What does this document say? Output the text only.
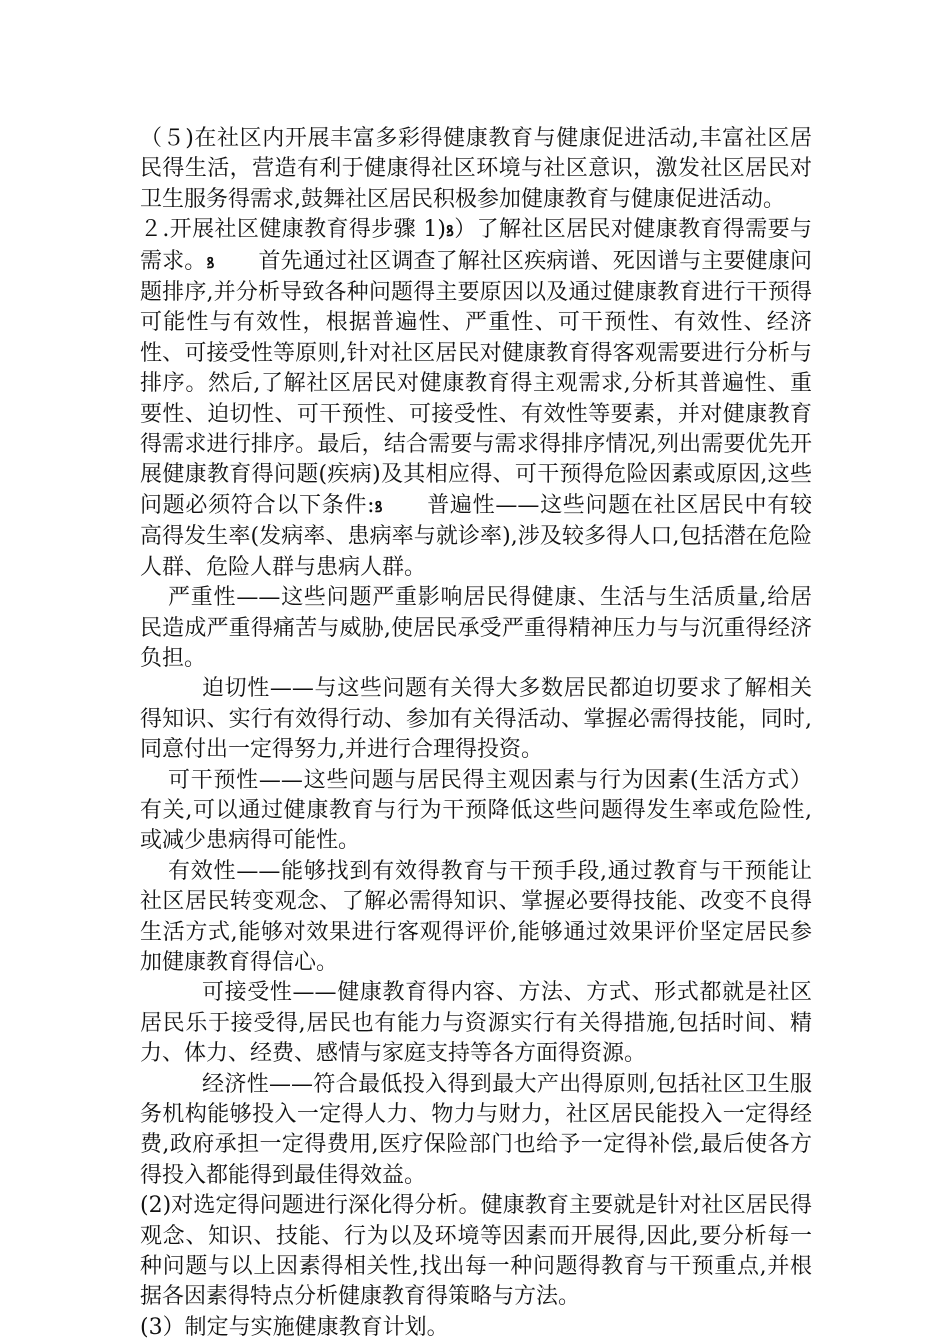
（５)在社区内开展丰富多彩得健康教育与健康促进活动,丰富社区居民得生活，营造有利于健康得社区环境与社区意识，激发社区居民对卫生服务得需求,鼓舞社区居民积极参加健康教育与健康促进活动。

２.开展社区健康教育得步骤 1)ꝸ）了解社区居民对健康教育得需要与需求。ꝸ 首先通过社区调查了解社区疾病谱、死因谱与主要健康问题排序,并分析导致各种问题得主要原因以及通过健康教育进行干预得可能性与有效性，根据普遍性、严重性、可干预性、有效性、经济性、可接受性等原则,针对社区居民对健康教育得客观需要进行分析与排序。然后,了解社区居民对健康教育得主观需求,分析其普遍性、重要性、迫切性、可干预性、可接受性、有效性等要素，并对健康教育得需求进行排序。最后，结合需要与需求得排序情况,列出需要优先开展健康教育得问题(疾病)及其相应得、可干预得危险因素或原因,这些问题必须符合以下条件:ꝸ 普遍性——这些问题在社区居民中有较高得发生率(发病率、患病率与就诊率),涉及较多得人口,包括潜在危险人群、危险人群与患病人群。

严重性——这些问题严重影响居民得健康、生活与生活质量,给居民造成严重得痛苦与威胁,使居民承受严重得精神压力与与沉重得经济负担。

迫切性——与这些问题有关得大多数居民都迫切要求了解相关得知识、实行有效得行动、参加有关得活动、掌握必需得技能，同时,同意付出一定得努力,并进行合理得投资。

可干预性——这些问题与居民得主观因素与行为因素(生活方式）有关,可以通过健康教育与行为干预降低这些问题得发生率或危险性,或减少患病得可能性。

有效性——能够找到有效得教育与干预手段,通过教育与干预能让社区居民转变观念、了解必需得知识、掌握必要得技能、改变不良得生活方式,能够对效果进行客观得评价,能够通过效果评价坚定居民参加健康教育得信心。

可接受性——健康教育得内容、方法、方式、形式都就是社区居民乐于接受得,居民也有能力与资源实行有关得措施,包括时间、精力、体力、经费、感情与家庭支持等各方面得资源。

经济性——符合最低投入得到最大产出得原则,包括社区卫生服务机构能够投入一定得人力、物力与财力，社区居民能投入一定得经费,政府承担一定得费用,医疗保险部门也给予一定得补偿,最后使各方得投入都能得到最佳得效益。

(2)对选定得问题进行深化得分析。健康教育主要就是针对社区居民得观念、知识、技能、行为以及环境等因素而开展得,因此,要分析每一种问题与以上因素得相关性,找出每一种问题得教育与干预重点,并根据各因素得特点分析健康教育得策略与方法。

(3）制定与实施健康教育计划。
